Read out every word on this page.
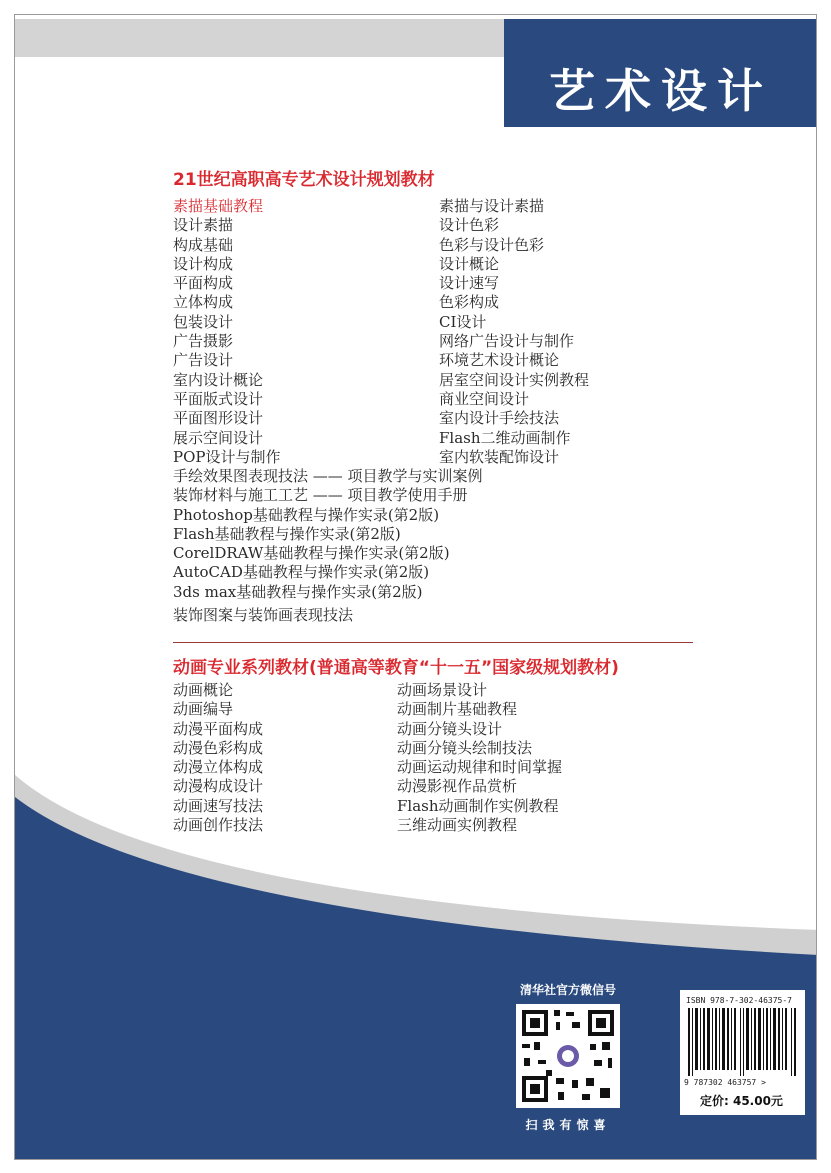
艺术设计
21世纪高职高专艺术设计规划教材
素描基础教程
设计素描
构成基础
设计构成
平面构成
立体构成
包装设计
广告摄影
广告设计
室内设计概论
平面版式设计
平面图形设计
展示空间设计
POP设计与制作
素描与设计素描
设计色彩
色彩与设计色彩
设计概论
设计速写
色彩构成
CI设计
网络广告设计与制作
环境艺术设计概论
居室空间设计实例教程
商业空间设计
室内设计手绘技法
Flash二维动画制作
室内软装配饰设计
手绘效果图表现技法 —— 项目教学与实训案例
装饰材料与施工工艺 —— 项目教学使用手册
Photoshop基础教程与操作实录(第2版)
Flash基础教程与操作实录(第2版)
CorelDRAW基础教程与操作实录(第2版)
AutoCAD基础教程与操作实录(第2版)
3ds max基础教程与操作实录(第2版)
装饰图案与装饰画表现技法
动画专业系列教材(普通高等教育“十一五”国家级规划教材)
动画概论
动画编导
动漫平面构成
动漫色彩构成
动漫立体构成
动漫构成设计
动画速写技法
动画创作技法
动画场景设计
动画制片基础教程
动画分镜头设计
动画分镜头绘制技法
动画运动规律和时间掌握
动漫影视作品赏析
Flash动画制作实例教程
三维动画实例教程
清华社官方微信号
扫我有惊喜
ISBN 978-7-302-46375-7
9 787302 463757 >
定价: 45.00元
